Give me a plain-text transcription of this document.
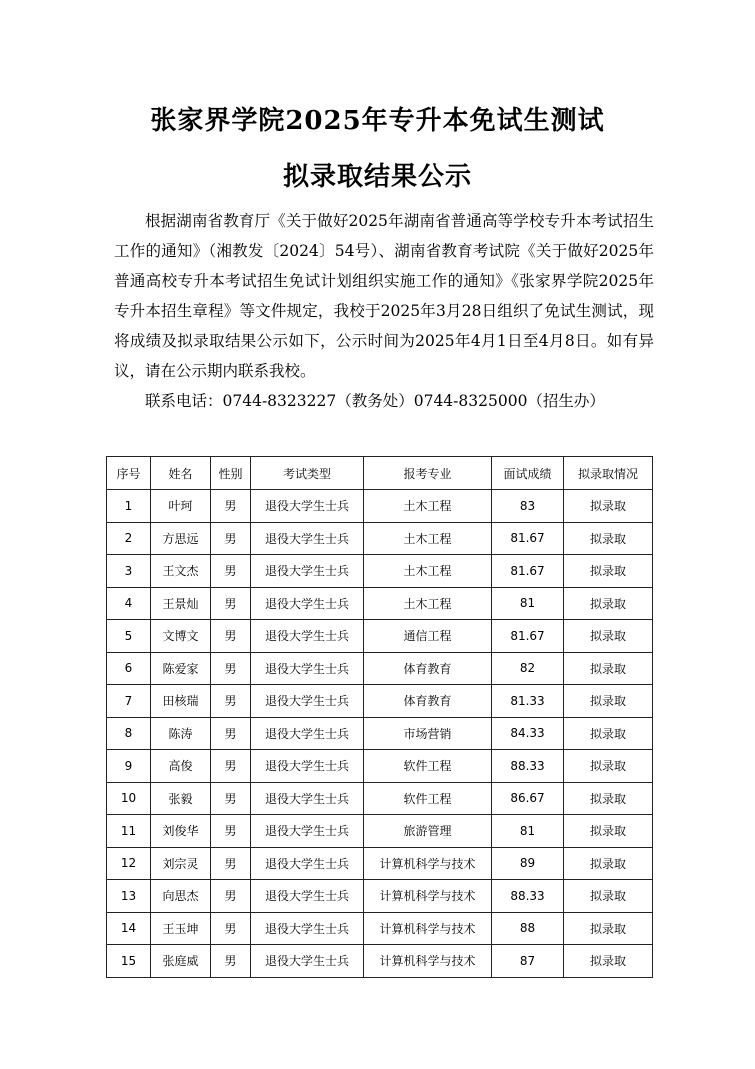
张家界学院2025年专升本免试生测试
拟录取结果公示

根据湖南省教育厅《关于做好2025年湖南省普通高等学校专升本考试招生工作的通知》（湘教发〔2024〕54号）、湖南省教育考试院《关于做好2025年普通高校专升本考试招生免试计划组织实施工作的通知》《张家界学院2025年专升本招生章程》等文件规定，我校于2025年3月28日组织了免试生测试，现将成绩及拟录取结果公示如下，公示时间为2025年4月1日至4月8日。如有异议，请在公示期内联系我校。

联系电话：0744-8323227（教务处）0744-8325000（招生办）

序号	姓名	性别	考试类型	报考专业	面试成绩	拟录取情况
1	叶珂	男	退役大学生士兵	土木工程	83	拟录取
2	方思远	男	退役大学生士兵	土木工程	81.67	拟录取
3	王文杰	男	退役大学生士兵	土木工程	81.67	拟录取
4	王景灿	男	退役大学生士兵	土木工程	81	拟录取
5	文博文	男	退役大学生士兵	通信工程	81.67	拟录取
6	陈爱家	男	退役大学生士兵	体育教育	82	拟录取
7	田核瑞	男	退役大学生士兵	体育教育	81.33	拟录取
8	陈涛	男	退役大学生士兵	市场营销	84.33	拟录取
9	高俊	男	退役大学生士兵	软件工程	88.33	拟录取
10	张毅	男	退役大学生士兵	软件工程	86.67	拟录取
11	刘俊华	男	退役大学生士兵	旅游管理	81	拟录取
12	刘宗灵	男	退役大学生士兵	计算机科学与技术	89	拟录取
13	向思杰	男	退役大学生士兵	计算机科学与技术	88.33	拟录取
14	王玉坤	男	退役大学生士兵	计算机科学与技术	88	拟录取
15	张庭威	男	退役大学生士兵	计算机科学与技术	87	拟录取
